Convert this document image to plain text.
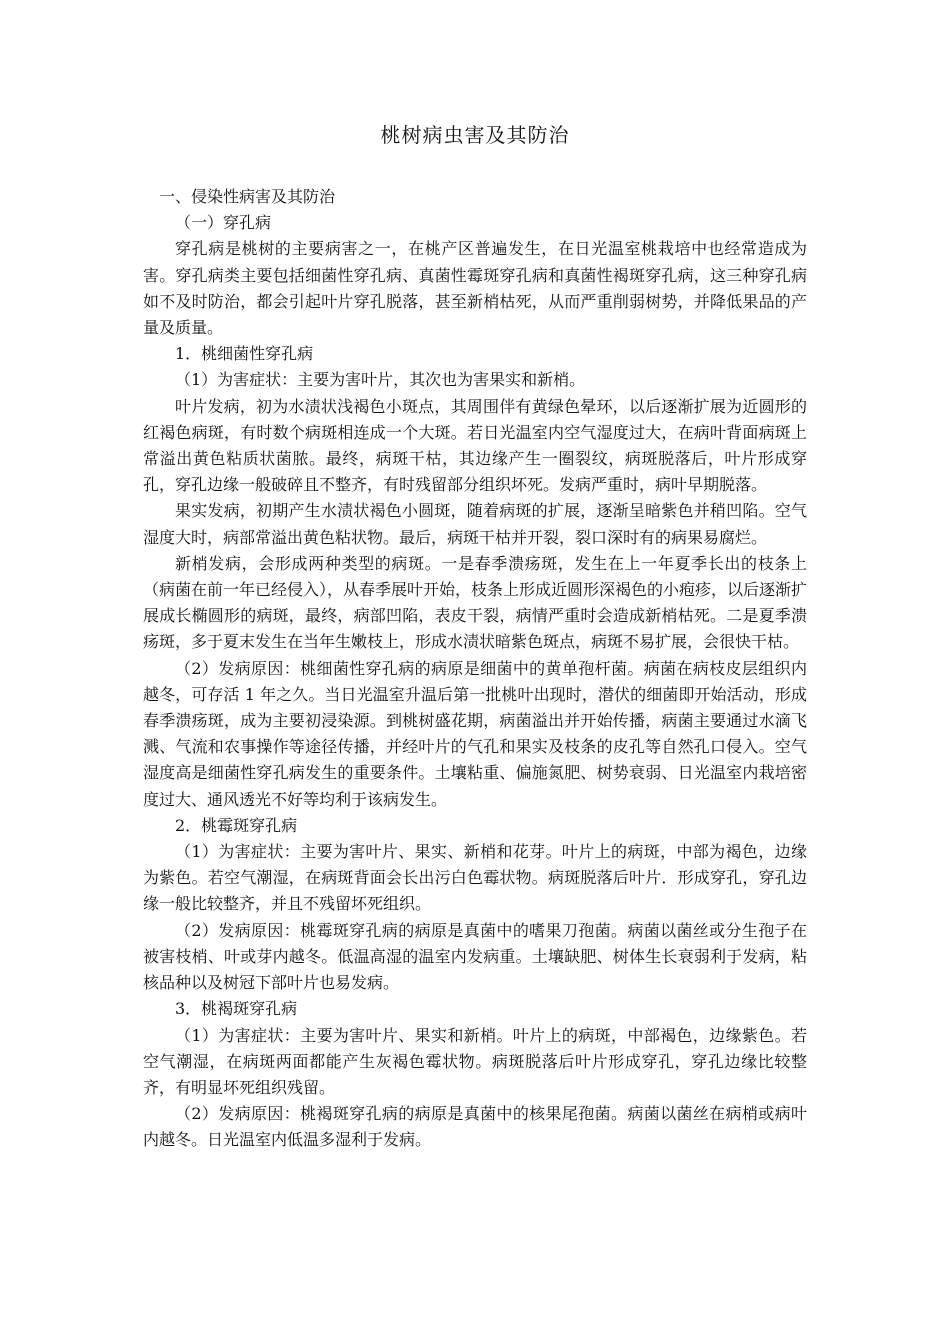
桃树病虫害及其防治

一、侵染性病害及其防治

（一）穿孔病

穿孔病是桃树的主要病害之一，在桃产区普遍发生，在日光温室桃栽培中也经常造成为害。穿孔病类主要包括细菌性穿孔病、真菌性霉斑穿孔病和真菌性褐斑穿孔病，这三种穿孔病如不及时防治，都会引起叶片穿孔脱落，甚至新梢枯死，从而严重削弱树势，并降低果品的产量及质量。

1．桃细菌性穿孔病

（1）为害症状：主要为害叶片，其次也为害果实和新梢。

叶片发病，初为水渍状浅褐色小斑点，其周围伴有黄绿色晕环，以后逐渐扩展为近圆形的红褐色病斑，有时数个病斑相连成一个大斑。若日光温室内空气湿度过大，在病叶背面病斑上常溢出黄色粘质状菌脓。最终，病斑干枯，其边缘产生一圈裂纹，病斑脱落后，叶片形成穿孔，穿孔边缘一般破碎且不整齐，有时残留部分组织坏死。发病严重时，病叶早期脱落。

果实发病，初期产生水渍状褐色小圆斑，随着病斑的扩展，逐渐呈暗紫色并稍凹陷。空气湿度大时，病部常溢出黄色粘状物。最后，病斑干枯并开裂，裂口深时有的病果易腐烂。

新梢发病，会形成两种类型的病斑。一是春季溃疡斑，发生在上一年夏季长出的枝条上（病菌在前一年已经侵入），从春季展叶开始，枝条上形成近圆形深褐色的小疱疹，以后逐渐扩展成长椭圆形的病斑，最终，病部凹陷，表皮干裂，病情严重时会造成新梢枯死。二是夏季溃疡斑，多于夏末发生在当年生嫩枝上，形成水渍状暗紫色斑点，病斑不易扩展，会很快干枯。

（2）发病原因：桃细菌性穿孔病的病原是细菌中的黄单孢杆菌。病菌在病枝皮层组织内越冬，可存活 1 年之久。当日光温室升温后第一批桃叶出现时，潜伏的细菌即开始活动，形成春季溃疡斑，成为主要初浸染源。到桃树盛花期，病菌溢出并开始传播，病菌主要通过水滴飞溅、气流和农事操作等途径传播，并经叶片的气孔和果实及枝条的皮孔等自然孔口侵入。空气湿度高是细菌性穿孔病发生的重要条件。土壤粘重、偏施氮肥、树势衰弱、日光温室内栽培密度过大、通风透光不好等均利于该病发生。

2．桃霉斑穿孔病

（1）为害症状：主要为害叶片、果实、新梢和花芽。叶片上的病斑，中部为褐色，边缘为紫色。若空气潮湿，在病斑背面会长出污白色霉状物。病斑脱落后叶片．形成穿孔，穿孔边缘一般比较整齐，并且不残留坏死组织。

（2）发病原因：桃霉斑穿孔病的病原是真菌中的嗜果刀孢菌。病菌以菌丝或分生孢子在被害枝梢、叶或芽内越冬。低温高湿的温室内发病重。土壤缺肥、树体生长衰弱利于发病，粘核品种以及树冠下部叶片也易发病。

3．桃褐斑穿孔病

（1）为害症状：主要为害叶片、果实和新梢。叶片上的病斑，中部褐色，边缘紫色。若空气潮湿，在病斑两面都能产生灰褐色霉状物。病斑脱落后叶片形成穿孔，穿孔边缘比较整齐，有明显坏死组织残留。

（2）发病原因：桃褐斑穿孔病的病原是真菌中的核果尾孢菌。病菌以菌丝在病梢或病叶内越冬。日光温室内低温多湿利于发病。
